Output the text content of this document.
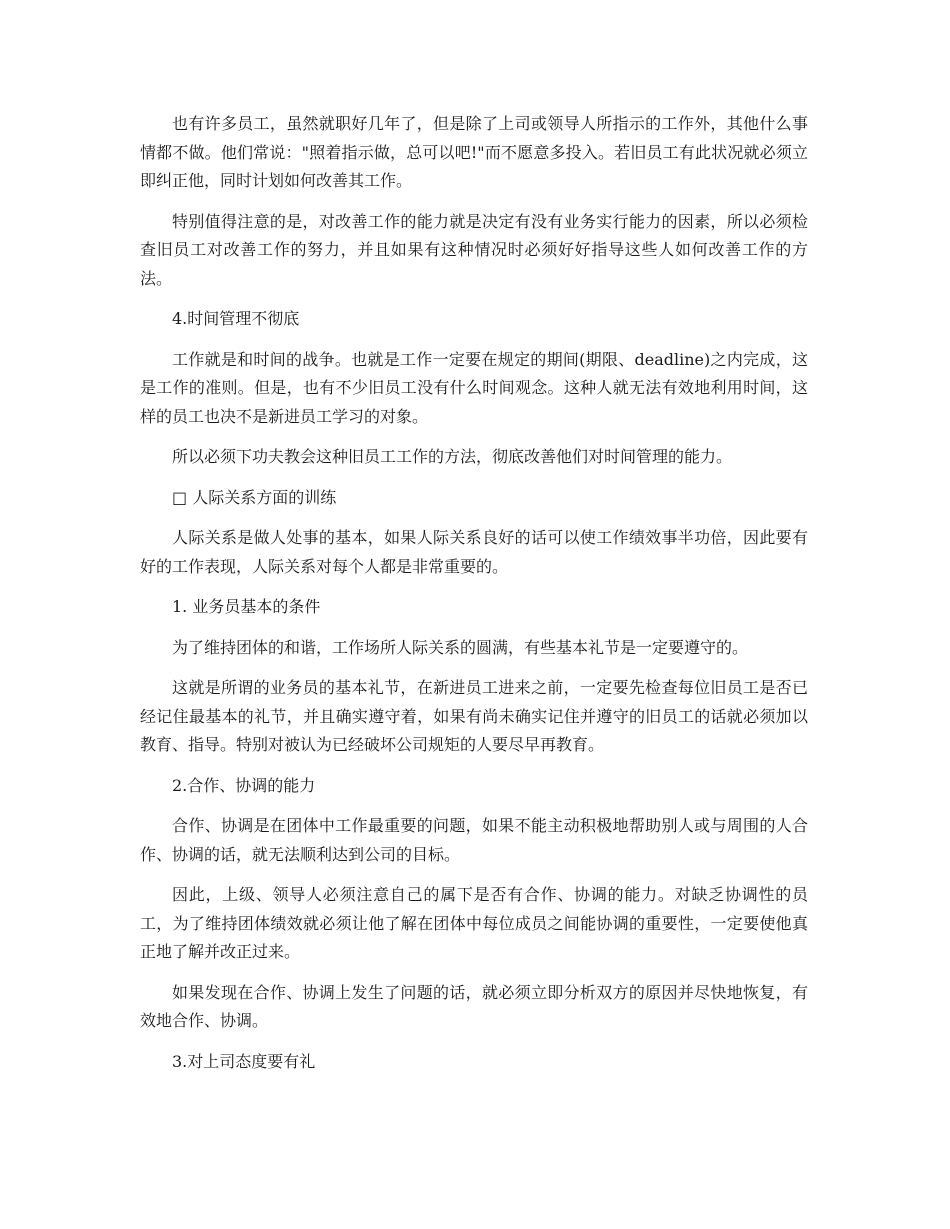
也有许多员工，虽然就职好几年了，但是除了上司或领导人所指示的工作外，其他什么事情都不做。他们常说："照着指示做，总可以吧!"而不愿意多投入。若旧员工有此状况就必须立即纠正他，同时计划如何改善其工作。

特别值得注意的是，对改善工作的能力就是决定有没有业务实行能力的因素，所以必须检查旧员工对改善工作的努力，并且如果有这种情况时必须好好指导这些人如何改善工作的方法。

4.时间管理不彻底

工作就是和时间的战争。也就是工作一定要在规定的期间(期限、deadline)之内完成，这是工作的准则。但是，也有不少旧员工没有什么时间观念。这种人就无法有效地利用时间，这样的员工也决不是新进员工学习的对象。

所以必须下功夫教会这种旧员工工作的方法，彻底改善他们对时间管理的能力。

□ 人际关系方面的训练

人际关系是做人处事的基本，如果人际关系良好的话可以使工作绩效事半功倍，因此要有好的工作表现，人际关系对每个人都是非常重要的。

1. 业务员基本的条件

为了维持团体的和谐，工作场所人际关系的圆满，有些基本礼节是一定要遵守的。

这就是所谓的业务员的基本礼节，在新进员工进来之前，一定要先检查每位旧员工是否已经记住最基本的礼节，并且确实遵守着，如果有尚未确实记住并遵守的旧员工的话就必须加以教育、指导。特别对被认为已经破坏公司规矩的人要尽早再教育。

2.合作、协调的能力

合作、协调是在团体中工作最重要的问题，如果不能主动积极地帮助别人或与周围的人合作、协调的话，就无法顺利达到公司的目标。

因此，上级、领导人必须注意自己的属下是否有合作、协调的能力。对缺乏协调性的员工，为了维持团体绩效就必须让他了解在团体中每位成员之间能协调的重要性，一定要使他真正地了解并改正过来。

如果发现在合作、协调上发生了问题的话，就必须立即分析双方的原因并尽快地恢复，有效地合作、协调。

3.对上司态度要有礼
